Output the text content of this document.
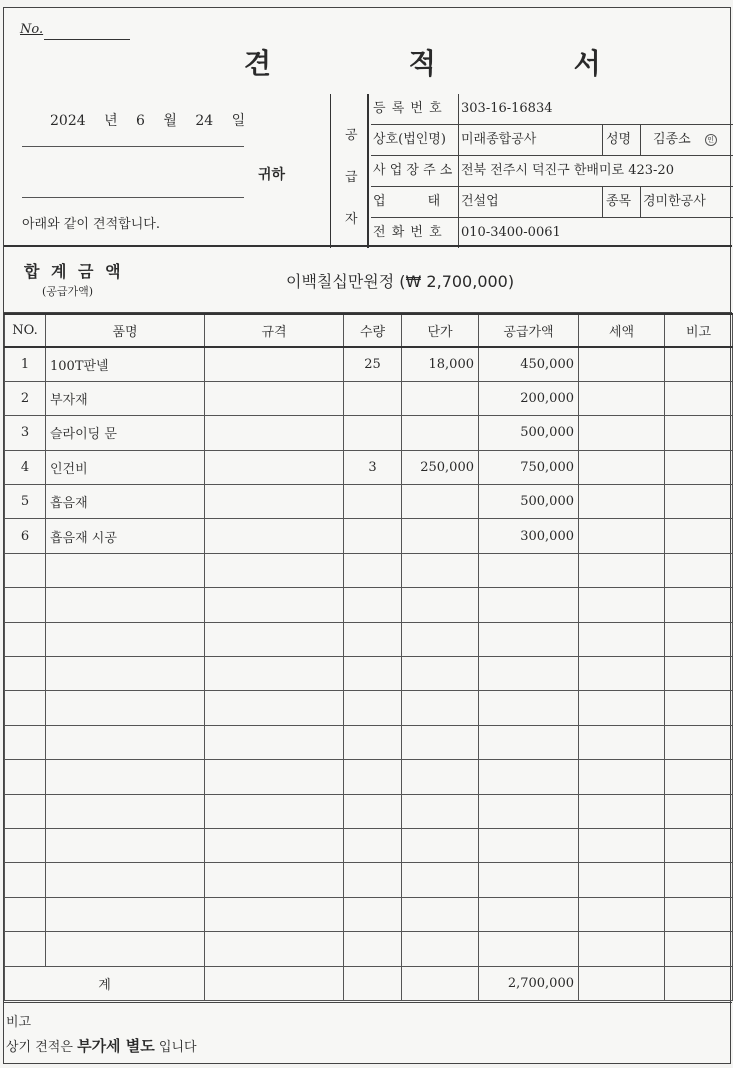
No.
견 적 서
2024 년 6 월 24 일
귀하
아래와 같이 견적합니다.
공
급
자
등 록 번 호	303-16-16834
상호(법인명)	미래종합공사	성명	김종소 인
사 업 장 주 소 전북 전주시 덕진구 한배미로 423-20
업        태	건설업	종목 경미한공사
전 화 번 호	010-3400-0061
합 계 금 액
(공급가액)
이백칠십만원정 (₩ 2,700,000)
NO.	품명	규격	수량	단가	공급가액	세액	비고
1	100T판넬		25	18,000	450,000		
2	부자재				200,000		
3	슬라이딩 문				500,000		
4	인건비		3	250,000	750,000		
5	흡음재				500,000		
6	흡음재 시공				300,000		

계					2,700,000		
비고
상기 견적은 부가세 별도 입니다
